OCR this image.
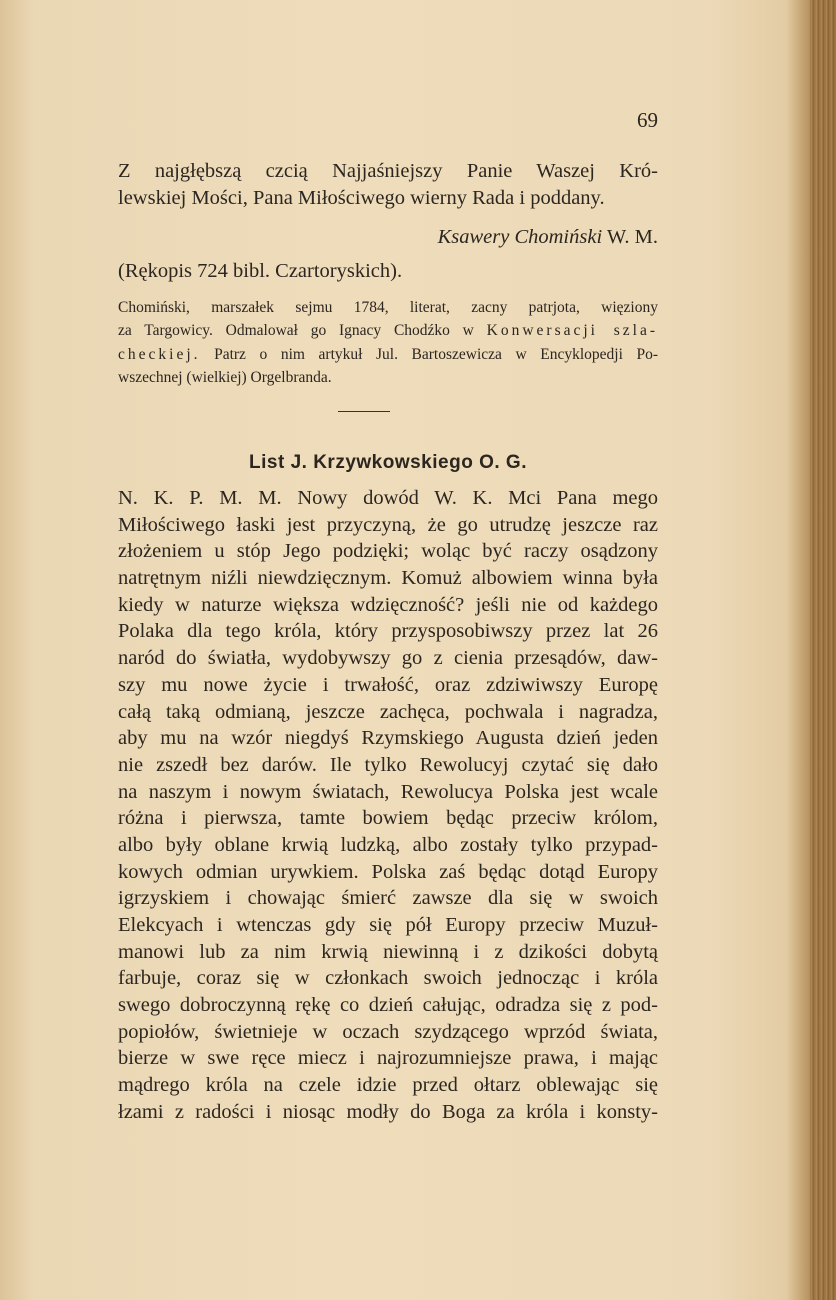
69
Z najgłębszą czcią Najjaśniejszy Panie Waszej Kró-
lewskiej Mości, Pana Miłościwego wierny Rada i poddany.
Ksawery Chomiński W. M.
(Rękopis 724 bibl. Czartoryskich).
Chomiński, marszałek sejmu 1784, literat, zacny patrjota, więziony
za Targowicy. Odmalował go Ignacy Chodźko w Konwersacji szla-
checkiej. Patrz o nim artykuł Jul. Bartoszewicza w Encyklopedji Po-
wszechnej (wielkiej) Orgelbranda.
List J. Krzywkowskiego O. G.
N. K. P. M. M. Nowy dowód W. K. Mci Pana mego
Miłościwego łaski jest przyczyną, że go utrudzę jeszcze raz
złożeniem u stóp Jego podzięki; woląc być raczy osądzony
natrętnym niźli niewdzięcznym. Komuż albowiem winna była
kiedy w naturze większa wdzięczność? jeśli nie od każdego
Polaka dla tego króla, który przysposobiwszy przez lat 26
naród do światła, wydobywszy go z cienia przesądów, daw-
szy mu nowe życie i trwałość, oraz zdziwiwszy Europę
całą taką odmianą, jeszcze zachęca, pochwala i nagradza,
aby mu na wzór niegdyś Rzymskiego Augusta dzień jeden
nie zszedł bez darów. Ile tylko Rewolucyj czytać się dało
na naszym i nowym światach, Rewolucya Polska jest wcale
różna i pierwsza, tamte bowiem będąc przeciw królom,
albo były oblane krwią ludzką, albo zostały tylko przypad-
kowych odmian urywkiem. Polska zaś będąc dotąd Europy
igrzyskiem i chowając śmierć zawsze dla się w swoich
Elekcyach i wtenczas gdy się pół Europy przeciw Muzuł-
manowi lub za nim krwią niewinną i z dzikości dobytą
farbuje, coraz się w członkach swoich jednocząc i króla
swego dobroczynną rękę co dzień całując, odradza się z pod-
popiołów, świetnieje w oczach szydzącego wprzód świata,
bierze w swe ręce miecz i najrozumniejsze prawa, i mając
mądrego króla na czele idzie przed ołtarz oblewając się
łzami z radości i niosąc modły do Boga za króla i konsty-
